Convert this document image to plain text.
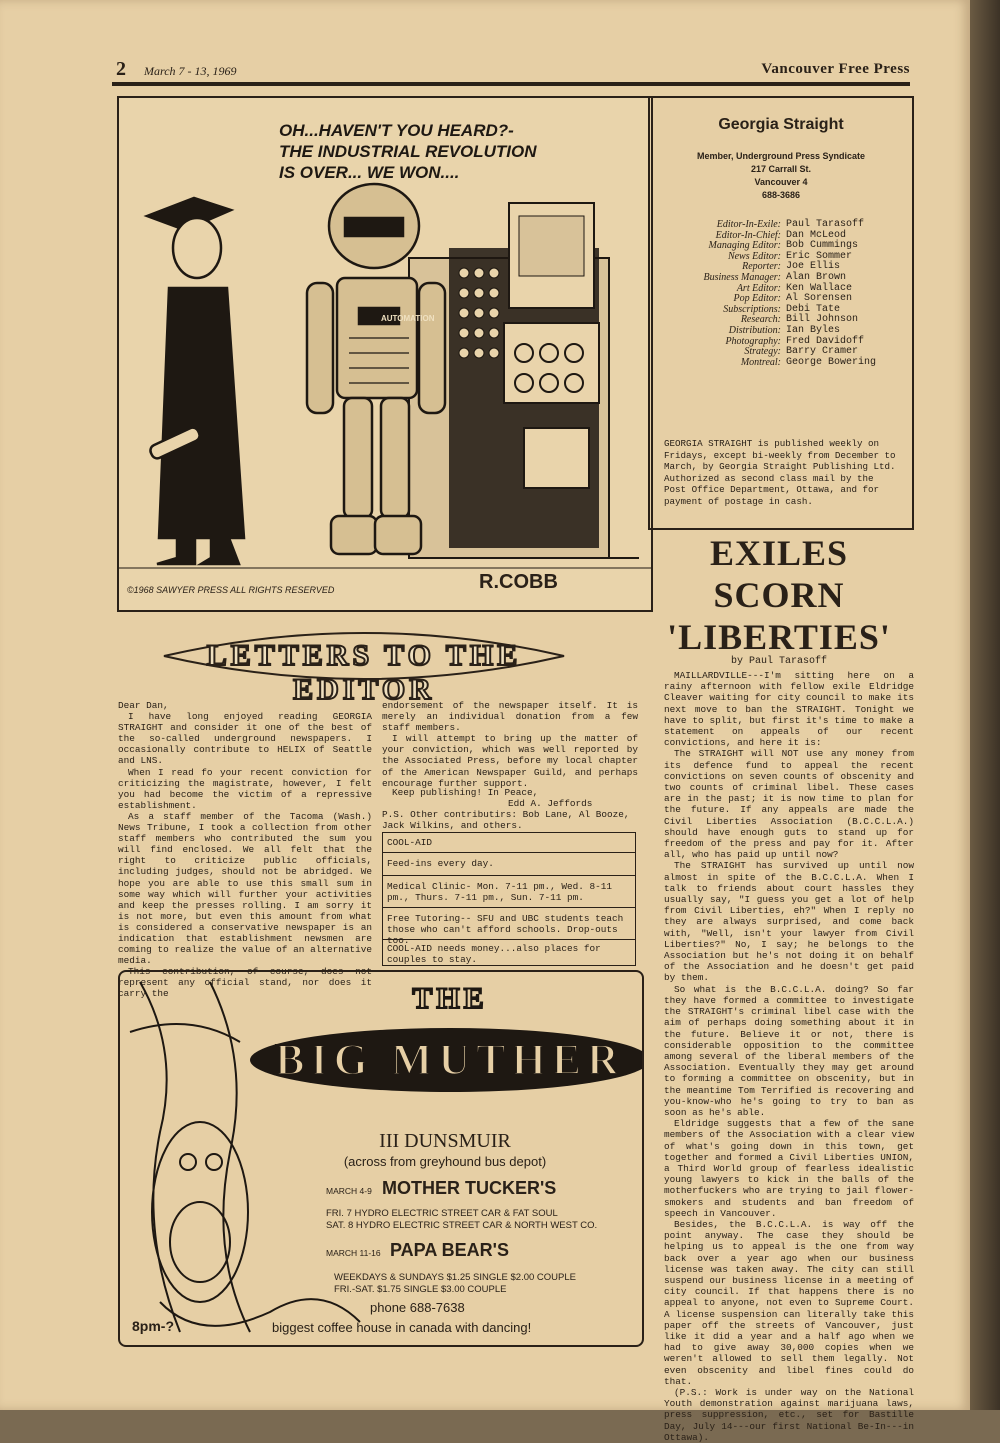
2 March 7 - 13, 1969	Vancouver Free Press
OH...HAVEN'T YOU HEARD?-
THE INDUSTRIAL REVOLUTION
IS OVER... WE WON....
AUTOMATION
©1968 SAWYER PRESS ALL RIGHTS RESERVED	R.COBB
Georgia Straight
Member, Underground Press Syndicate
217 Carrall St.
Vancouver 4
688-3686
Editor-In-Exile: Paul Tarasoff
Editor-In-Chief: Dan McLeod
Managing Editor: Bob Cummings
News Editor: Eric Sommer
Reporter: Joe Ellis
Business Manager: Alan Brown
Art Editor: Ken Wallace
Pop Editor: Al Sorensen
Subscriptions: Debi Tate
Research: Bill Johnson
Distribution: Ian Byles
Photography: Fred Davidoff
Strategy: Barry Cramer
Montreal: George Bowering
GEORGIA STRAIGHT is published weekly on Fridays, except bi-weekly from December to March, by Georgia Straight Publishing Ltd. Authorized as second class mail by the Post Office Department, Ottawa, and for payment of postage in cash.
EXILES
SCORN
'LIBERTIES'
by Paul Tarasoff

MAILLARDVILLE---I'm sitting here on a rainy afternoon with fellow exile Eldridge Cleaver waiting for city council to make its next move to ban the STRAIGHT. Tonight we have to split, but first it's time to make a statement on appeals of our recent convictions, and here it is:

The STRAIGHT will NOT use any money from its defence fund to appeal the recent convictions on seven counts of obscenity and two counts of criminal libel. These cases are in the past; it is now time to plan for the future. If any appeals are made the Civil Liberties Association (B.C.C.L.A.) should have enough guts to stand up for freedom of the press and pay for it. After all, who has paid up until now?

The STRAIGHT has survived up until now almost in spite of the B.C.C.L.A. When I talk to friends about court hassles they usually say, "I guess you get a lot of help from Civil Liberties, eh?" When I reply no they are always surprised, and come back with, "Well, isn't your lawyer from Civil Liberties?" No, I say; he belongs to the Association but he's not doing it on behalf of the Association and he doesn't get paid by them.

So what is the B.C.C.L.A. doing? So far they have formed a committee to investigate the STRAIGHT's criminal libel case with the aim of perhaps doing something about it in the future. Believe it or not, there is considerable opposition to the committee among several of the liberal members of the Association. Eventually they may get around to forming a committee on obscenity, but in the meantime Tom Terrified is recovering and you-know-who he's going to try to ban as soon as he's able.

Eldridge suggests that a few of the sane members of the Association with a clear view of what's going down in this town, get together and formed a Civil Liberties UNION, a Third World group of fearless idealistic young lawyers to kick in the balls of the motherfuckers who are trying to jail flower-smokers and students and ban freedom of speech in Vancouver.

Besides, the B.C.C.L.A. is way off the point anyway. The case they should be helping us to appeal is the one from way back over a year ago when our business license was taken away. The city can still suspend our business license in a meeting of city council. If that happens there is no appeal to anyone, not even to Supreme Court. A license suspension can literally take this paper off the streets of Vancouver, just like it did a year and a half ago when we had to give away 30,000 copies when we weren't allowed to sell them legally. Not even obscenity and libel fines could do that.

(P.S.: Work is under way on the National Youth demonstration against marijuana laws, press suppression, etc., set for Bastille Day, July 14---our first National Be-In---in Ottawa).

LETTERS TO THE EDITOR

Dear Dan,

I have long enjoyed reading GEORGIA STRAIGHT and consider it one of the best of the so-called underground newspapers. I occasionally contribute to HELIX of Seattle and LNS.

When I read fo your recent conviction for criticizing the magistrate, however, I felt you had become the victim of a repressive establishment.

As a staff member of the Tacoma (Wash.) News Tribune, I took a collection from other staff members who contributed the sum you will find enclosed. We all felt that the right to criticize public officials, including judges, should not be abridged. We hope you are able to use this small sum in some way which will further your activities and keep the presses rolling. I am sorry it is not more, but even this amount from what is considered a conservative newspaper is an indication that establishment newsmen are coming to realize the value of an alternative media.

This contribution, of course, does not represent any official stand, nor does it carry the

endorsement of the newspaper itself. It is merely an individual donation from a few staff members.

I will attempt to bring up the matter of your conviction, which was well reported by the Associated Press, before my local chapter of the American Newspaper Guild, and perhaps encourage further support.

Keep publishing! In Peace,
Edd A. Jeffords
P.S. Other contributirs: Bob Lane, Al Booze, Jack Wilkins, and others.
COOL-AID
Feed-ins every day.
Medical Clinic- Mon. 7-11 pm., Wed. 8-11 pm., Thurs. 7-11 pm., Sun. 7-11 pm.
Free Tutoring-- SFU and UBC students teach those who can't afford schools. Drop-outs too.
COOL-AID needs money...also places for couples to stay.
THE
BIG MUTHER
III DUNSMUIR
(across from greyhound bus depot)
MARCH 4-9 MOTHER TUCKER'S
FRI. 7 HYDRO ELECTRIC STREET CAR & FAT SOUL
SAT. 8 HYDRO ELECTRIC STREET CAR & NORTH WEST CO.
MARCH 11-16 PAPA BEAR'S
WEEKDAYS & SUNDAYS $1.25 SINGLE $2.00 COUPLE
FRI.-SAT. $1.75 SINGLE $3.00 COUPLE
phone 688-7638
8pm-?	biggest coffee house in canada with dancing!
